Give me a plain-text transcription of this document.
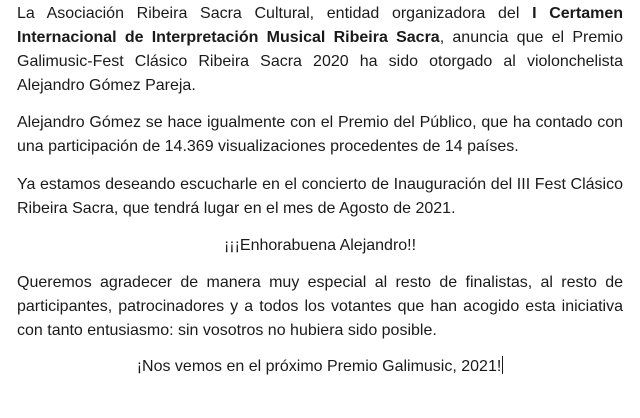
La Asociación Ribeira Sacra Cultural, entidad organizadora del I Certamen Internacional de Interpretación Musical Ribeira Sacra, anuncia que el Premio Galimusic-Fest Clásico Ribeira Sacra 2020 ha sido otorgado al violonchelista Alejandro Gómez Pareja.

Alejandro Gómez se hace igualmente con el Premio del Público, que ha contado con una participación de 14.369 visualizaciones procedentes de 14 países.

Ya estamos deseando escucharle en el concierto de Inauguración del III Fest Clásico Ribeira Sacra, que tendrá lugar en el mes de Agosto de 2021.

¡¡¡Enhorabuena Alejandro!!

Queremos agradecer de manera muy especial al resto de finalistas, al resto de participantes, patrocinadores y a todos los votantes que han acogido esta iniciativa con tanto entusiasmo: sin vosotros no hubiera sido posible.

¡Nos vemos en el próximo Premio Galimusic, 2021!
